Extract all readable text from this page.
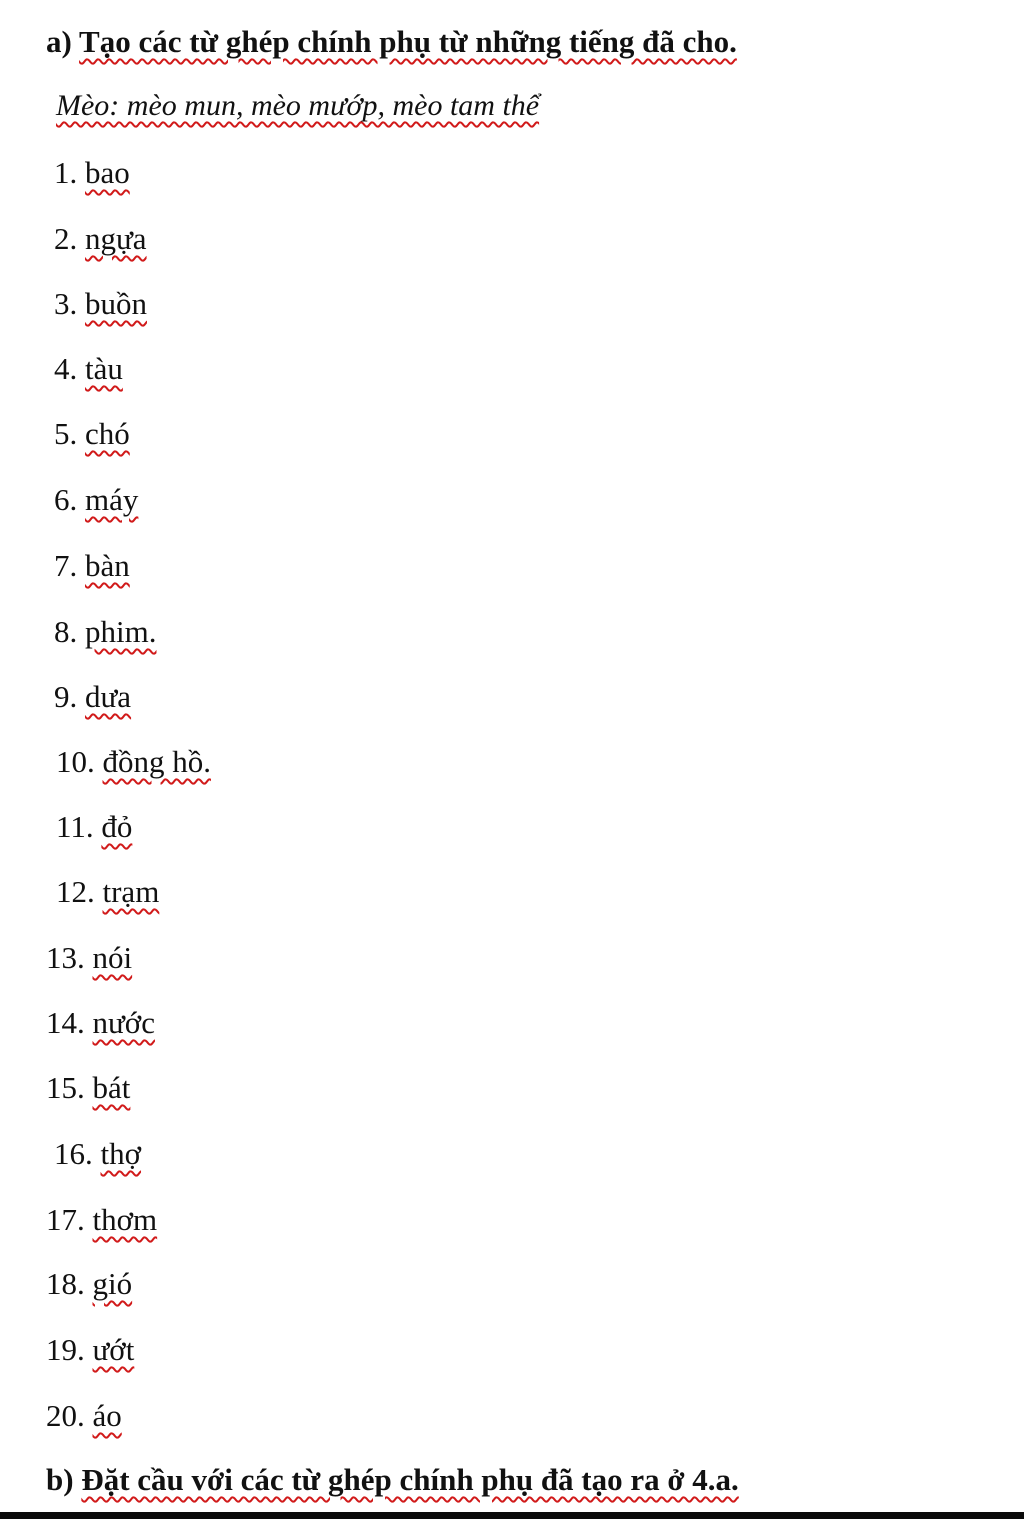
a) Tạo các từ ghép chính phụ từ những tiếng đã cho.
Mèo: mèo mun, mèo mướp, mèo tam thể
1. bao
2. ngựa
3. buồn
4. tàu
5. chó
6. máy
7. bàn
8. phim.
9. dưa
10. đồng hồ.
11. đỏ
12. trạm
13. nói
14. nước
15. bát
16. thợ
17. thơm
18. gió
19. ướt
20. áo
b) Đặt cầu với các từ ghép chính phụ đã tạo ra ở 4.a.
